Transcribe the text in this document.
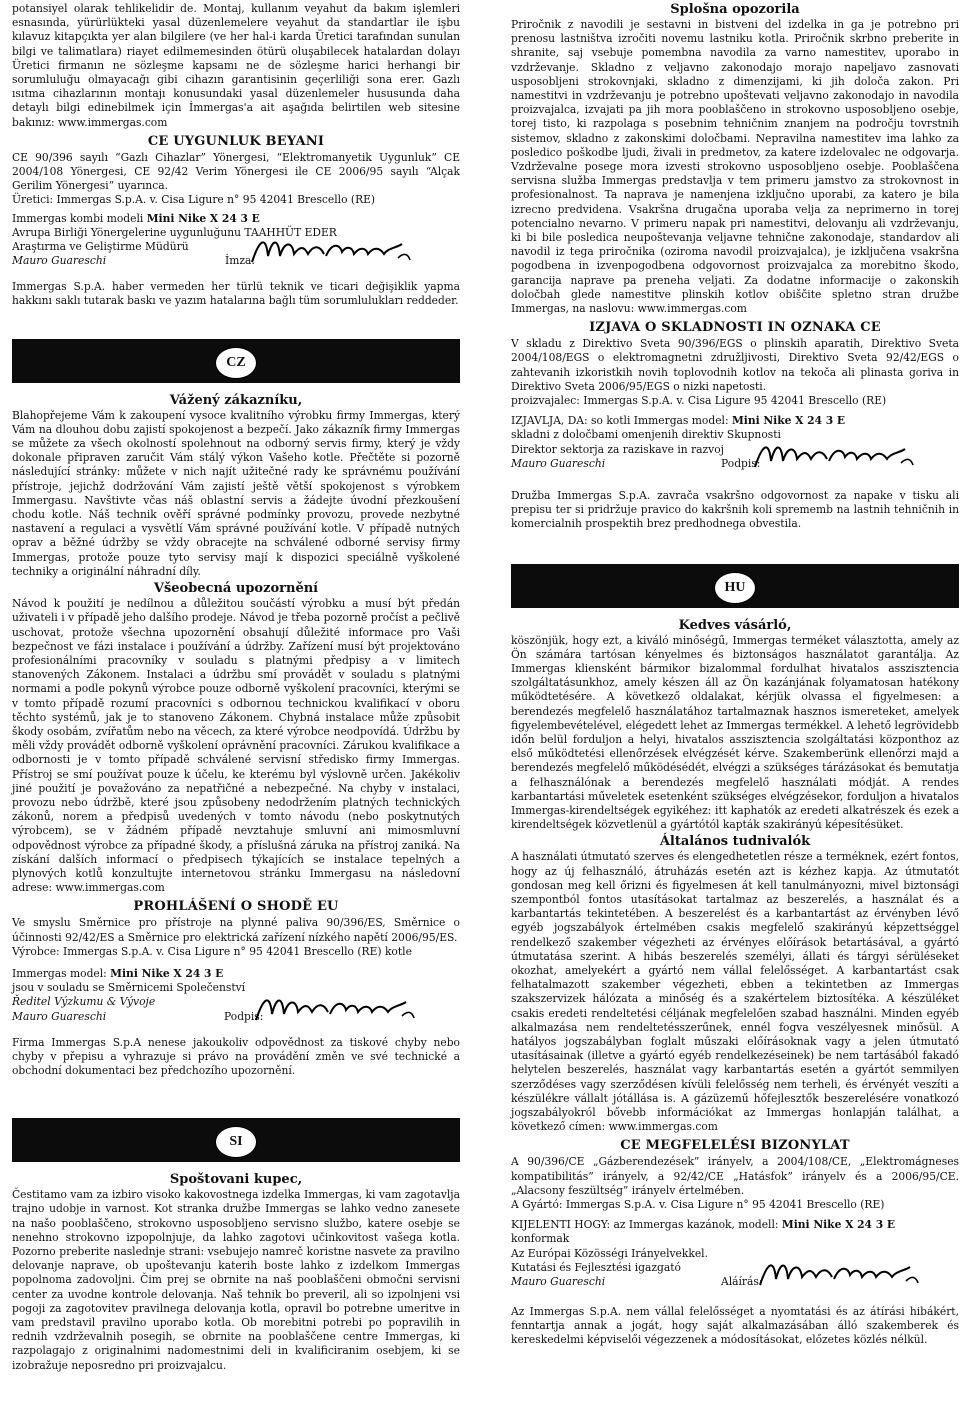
potansiyel olarak tehlikelidir de. Montaj, kullanım veyahut da bakım işlemleri esnasında, yürürlükteki yasal düzenlemelere veyahut da standartlar ile işbu kılavuz kitapçıkta yer alan bilgilere (ve her hal-i karda Üretici tarafından sunulan bilgi ve talimatlara) riayet edilmemesinden ötürü oluşabilecek hatalardan dolayı Üretici firmanın ne sözleşme kapsamı ne de sözleşme harici herhangi bir sorumluluğu olmayacağı gibi cihazın garantisinin geçerliliği sona erer. Gazlı ısıtma cihazlarının montajı konusundaki yasal düzenlemeler hususunda daha detaylı bilgi edinebilmek için İmmergas'a ait aşağıda belirtilen web sitesine bakınız: www.immergas.com

CE UYGUNLUK BEYANI

CE 90/396 sayılı “Gazlı Cihazlar” Yönergesi, “Elektromanyetik Uygunluk” CE 2004/108 Yönergesi, CE 92/42 Verim Yönergesi ile CE 2006/95 sayılı “Alçak Gerilim Yönergesi” uyarınca.

Üretici: Immergas S.p.A. v. Cisa Ligure n° 95 42041 Brescello (RE)

Immergas kombi modeli Mini Nike X 24 3 E

Avrupa Birliği Yönergelerine uygunluğunu TAAHHÜT EDER

Araştırma ve Geliştirme Müdürü

Mauro Guareschi	İmza:

Immergas S.p.A. haber vermeden her türlü teknik ve ticari değişiklik yapma hakkını saklı tutarak baskı ve yazım hatalarına bağlı tüm sorumlulukları reddeder.

CZ
Vážený zákazníku,

Blahopřejeme Vám k zakoupení vysoce kvalitního výrobku firmy Immergas, který Vám na dlouhou dobu zajistí spokojenost a bezpečí. Jako zákazník firmy Immergas se můžete za všech okolností spolehnout na odborný servis firmy, který je vždy dokonale připraven zaručit Vám stálý výkon Vašeho kotle. Přečtěte si pozorně následující stránky: můžete v nich najít užitečné rady ke správnému používání přístroje, jejichž dodržování Vám zajistí ještě větší spokojenost s výrobkem Immergasu. Navštivte včas náš oblastní servis a žádejte úvodní přezkoušení chodu kotle. Náš technik ověří správné podmínky provozu, provede nezbytné nastavení a regulaci a vysvětlí Vám správné používání kotle. V případě nutných oprav a běžné údržby se vždy obracejte na schválené odborné servisy firmy Immergas, protože pouze tyto servisy mají k dispozici speciálně vyškolené techniky a originální náhradní díly.

Všeobecná upozornění

Návod k použití je nedílnou a důležitou součástí výrobku a musí být předán uživateli i v případě jeho dalšího prodeje. Návod je třeba pozorně pročíst a pečlivě uschovat, protože všechna upozornění obsahují důležité informace pro Vaši bezpečnost ve fázi instalace i používání a údržby. Zařízení musí být projektováno profesionálními pracovníky v souladu s platnými předpisy a v limitech stanovených Zákonem. Instalaci a údržbu smí provádět v souladu s platnými normami a podle pokynů výrobce pouze odborně vyškolení pracovníci, kterými se v tomto případě rozumí pracovníci s odbornou technickou kvalifikací v oboru těchto systémů, jak je to stanoveno Zákonem. Chybná instalace může způsobit škody osobám, zvířatům nebo na věcech, za které výrobce neodpovídá. Údržbu by měli vždy provádět odborně vyškolení oprávnění pracovníci. Zárukou kvalifikace a odbornosti je v tomto případě schválené servisní středisko firmy Immergas. Přístroj se smí používat pouze k účelu, ke kterému byl výslovně určen. Jakékoliv jiné použití je považováno za nepatřičné a nebezpečné. Na chyby v instalaci, provozu nebo údržbě, které jsou způsobeny nedodržením platných technických zákonů, norem a předpisů uvedených v tomto návodu (nebo poskytnutých výrobcem), se v žádném případě nevztahuje smluvní ani mimosmluvní odpovědnost výrobce za případné škody, a příslušná záruka na přístroj zaniká. Na získání dalších informací o předpisech týkajících se instalace tepelných a plynových kotlů konzultujte internetovou stránku Immergasu na následovní adrese: www.immergas.com

PROHLÁŠENÍ O SHODĚ EU

Ve smyslu Směrnice pro přístroje na plynné paliva 90/396/ES, Směrnice o účinnosti 92/42/ES a Směrnice pro elektrická zařízení nízkého napětí 2006/95/ES.

Výrobce: Immergas S.p.A. v. Cisa Ligure n° 95 42041 Brescello (RE) kotle

Immergas model: Mini Nike X 24 3 E

jsou v souladu se Směrnicemi Společenství

Ředitel Výzkumu & Vývoje

Mauro Guareschi	Podpis:

Firma Immergas S.p.A nenese jakoukoliv odpovědnost za tiskové chyby nebo chyby v přepisu a vyhrazuje si právo na provádění změn ve své technické a obchodní dokumentaci bez předchozího upozornění.

SI
Spoštovani kupec,

Čestitamo vam za izbiro visoko kakovostnega izdelka Immergas, ki vam zagotavlja trajno udobje in varnost. Kot stranka družbe Immergas se lahko vedno zanesete na našo pooblaščeno, strokovno usposobljeno servisno službo, katere osebje se nenehno strokovno izpopolnjuje, da lahko zagotovi učinkovitost vašega kotla. Pozorno preberite naslednje strani: vsebujejo namreč koristne nasvete za pravilno delovanje naprave, ob upoštevanju katerih boste lahko z izdelkom Immergas popolnoma zadovoljni. Čim prej se obrnite na naš pooblaščeni območni servisni center za uvodne kontrole delovanja. Naš tehnik bo preveril, ali so izpolnjeni vsi pogoji za zagotovitev pravilnega delovanja kotla, opravil bo potrebne umeritve in vam predstavil pravilno uporabo kotla. Ob morebitni potrebi po popravilih in rednih vzdrževalnih posegih, se obrnite na pooblaščene centre Immergas, ki razpolagajo z originalnimi nadomestnimi deli in kvalificiranim osebjem, ki se izobražuje neposredno pri proizvajalcu.

Splošna opozorila

Priročnik z navodili je sestavni in bistveni del izdelka in ga je potrebno pri prenosu lastništva izročiti novemu lastniku kotla. Priročnik skrbno preberite in shranite, saj vsebuje pomembna navodila za varno namestitev, uporabo in vzdrževanje. Skladno z veljavno zakonodajo morajo napeljavo zasnovati usposobljeni strokovnjaki, skladno z dimenzijami, ki jih določa zakon. Pri namestitvi in vzdrževanju je potrebno upoštevati veljavno zakonodajo in navodila proizvajalca, izvajati pa jih mora pooblaščeno in strokovno usposobljeno osebje, torej tisto, ki razpolaga s posebnim tehničnim znanjem na področju tovrstnih sistemov, skladno z zakonskimi določbami. Nepravilna namestitev ima lahko za posledico poškodbe ljudi, živali in predmetov, za katere izdelovalec ne odgovarja. Vzdrževalne posege mora izvesti strokovno usposobljeno osebje. Pooblaščena servisna služba Immergas predstavlja v tem primeru jamstvo za strokovnost in profesionalnost. Ta naprava je namenjena izključno uporabi, za katero je bila izrecno predvidena. Vsakršna drugačna uporaba velja za neprimerno in torej potencialno nevarno. V primeru napak pri namestitvi, delovanju ali vzdrževanju, ki bi bile posledica neupoštevanja veljavne tehnične zakonodaje, standardov ali navodil iz tega priročnika (oziroma navodil proizvajalca), je izključena vsakršna pogodbena in izvenpogodbena odgovornost proizvajalca za morebitno škodo, garancija naprave pa preneha veljati. Za dodatne informacije o zakonskih določbah glede namestitve plinskih kotlov obiščite spletno stran družbe Immergas, na naslovu: www.immergas.com

IZJAVA O SKLADNOSTI IN OZNAKA CE

V skladu z Direktivo Sveta 90/396/EGS o plinskih aparatih, Direktivo Sveta 2004/108/EGS o elektromagnetni združljivosti, Direktivo Sveta 92/42/EGS o zahtevanih izkoristkih novih toplovodnih kotlov na tekoča ali plinasta goriva in Direktivo Sveta 2006/95/EGS o nizki napetosti.

proizvajalec: Immergas S.p.A. v. Cisa Ligure 95 42041 Brescello (RE)

IZJAVLJA, DA: so kotli Immergas model: Mini Nike X 24 3 E

skladni z določbami omenjenih direktiv Skupnosti

Direktor sektorja za raziskave in razvoj

Mauro Guareschi	Podpis:

Družba Immergas S.p.A. zavrača vsakršno odgovornost za napake v tisku ali prepisu ter si pridržuje pravico do kakršnih koli sprememb na lastnih tehničnih in komercialnih prospektih brez predhodnega obvestila.

HU
Kedves vásárló,

köszönjük, hogy ezt, a kiváló minőségű, Immergas terméket választotta, amely az Ön számára tartósan kényelmes és biztonságos használatot garantálja. Az Immergas kliensként bármikor bizalommal fordulhat hivatalos asszisztencia szolgáltatásunkhoz, amely készen áll az Ön kazánjának folyamatosan hatékony működtetésére. A következő oldalakat, kérjük olvassa el figyelmesen: a berendezés megfelelő használatához tartalmaznak hasznos ismereteket, amelyek figyelembevételével, elégedett lehet az Immergas termékkel. A lehető legrövidebb időn belül forduljon a helyi, hivatalos asszisztencia szolgáltatási központhoz az első működtetési ellenőrzések elvégzését kérve. Szakemberünk ellenőrzi majd a berendezés megfelelő működésédét, elvégzi a szükséges tárázásokat és bemutatja a felhasználónak a berendezés megfelelő használati módját. A rendes karbantartási műveletek esetenként szükséges elvégzésekor, forduljon a hivatalos Immergas-kirendeltségek egyikéhez: itt kaphatók az eredeti alkatrészek és ezek a kirendeltségek közvetlenül a gyártótól kapták szakirányú képesítésüket.

Általános tudnivalók

A használati útmutató szerves és elengedhetetlen része a terméknek, ezért fontos, hogy az új felhasználó, átruházás esetén azt is kézhez kapja. Az útmutatót gondosan meg kell őrizni és figyelmesen át kell tanulmányozni, mivel biztonsági szempontból fontos utasításokat tartalmaz az beszerelés, a használat és a karbantartás tekintetében. A beszerelést és a karbantartást az érvényben lévő egyéb jogszabályok értelmében csakis megfelelő szakirányú képzettséggel rendelkező szakember végezheti az érvényes előírások betartásával, a gyártó útmutatása szerint. A hibás beszerelés személyi, állati és tárgyi sérüléseket okozhat, amelyekért a gyártó nem vállal felelősséget. A karbantartást csak felhatalmazott szakember végezheti, ebben a tekintetben az Immergas szakszervizek hálózata a minőség és a szakértelem biztosítéka. A készüléket csakis eredeti rendeltetési céljának megfelelően szabad használni. Minden egyéb alkalmazása nem rendeltetésszerűnek, ennél fogva veszélyesnek minősül. A hatályos jogszabályban foglalt műszaki előírásoknak vagy a jelen útmutató utasításainak (illetve a gyártó egyéb rendelkezéseinek) be nem tartásából fakadó helytelen beszerelés, használat vagy karbantartás esetén a gyártót semmilyen szerződéses vagy szerződésen kívüli felelősség nem terheli, és érvényét veszíti a készülékre vállalt jótállása is. A gázüzemű hőfejlesztők beszerelésére vonatkozó jogszabályokról bővebb információkat az Immergas honlapján találhat, a következő címen: www.immergas.com

CE MEGFELELÉSI BIZONYLAT

A 90/396/CE „Gázberendezések” irányelv, a 2004/108/CE, „Elektromágneses kompatibilitás” irányelv, a 92/42/CE „Hatásfok” irányelv és a 2006/95/CE. „Alacsony feszültség” irányelv értelmében.

A Gyártó: Immergas S.p.A. v. Cisa Ligure n° 95 42041 Brescello (RE)

KIJELENTI HOGY: az Immergas kazánok, modell: Mini Nike X 24 3 E

konformak

Az Európai Közösségi Irányelvekkel.

Kutatási és Fejlesztési igazgató

Mauro Guareschi	Aláírás:

Az Immergas S.p.A. nem vállal felelősséget a nyomtatási és az átírási hibákért, fenntartja annak a jogát, hogy saját alkalmazásában álló szakemberek és kereskedelmi képviselői végezzenek a módosításokat, előzetes közlés nélkül.
